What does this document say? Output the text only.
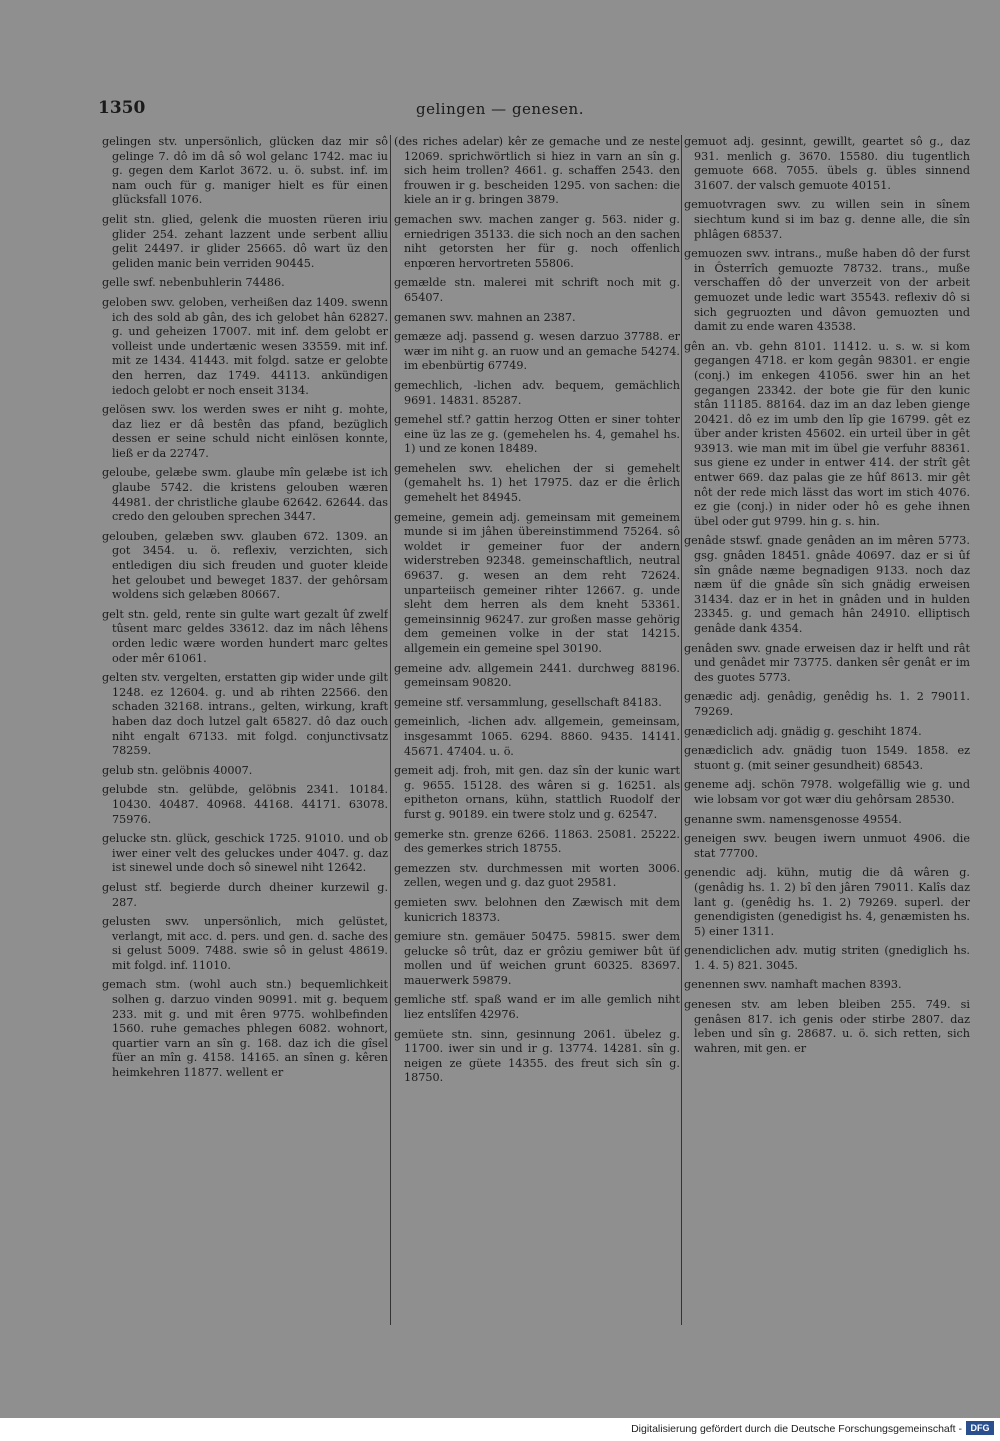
1350	gelingen — genesen.

gelingen stv. unpersönlich, glücken daz mir sô gelinge 7. dô im dâ sô wol gelanc 1742. mac iu g. gegen dem Karlot 3672. u. ö. subst. inf. im nam ouch für g. maniger hielt es für einen glücksfall 1076.

gelit stn. glied, gelenk die muosten rüeren iriu glider 254. zehant lazzent unde serbent alliu gelit 24497. ir glider 25665. dô wart üz den geliden manic bein verriden 90445.

gelle swf. nebenbuhlerin 74486.

geloben swv. geloben, verheißen daz 1409. swenn ich des sold ab gân, des ich gelobet hân 62827. g. und geheizen 17007. mit inf. dem gelobt er volleist unde undertænic wesen 33559. mit inf. mit ze 1434. 41443. mit folgd. satze er gelobte den herren, daz 1749. 44113. ankündigen iedoch gelobt er noch enseit 3134.

gelösen swv. los werden swes er niht g. mohte, daz liez er dâ bestên das pfand, bezüglich dessen er seine schuld nicht einlösen konnte, ließ er da 22747.

geloube, gelæbe swm. glaube mîn gelæbe ist ich glaube 5742. die kristens gelouben wæren 44981. der christliche glaube 62642. 62644. das credo den gelouben sprechen 3447.

gelouben, gelæben swv. glauben 672. 1309. an got 3454. u. ö. reflexiv, verzichten, sich entledigen diu sich freuden und guoter kleide het geloubet und beweget 1837. der gehôrsam woldens sich gelæben 80667.

gelt stn. geld, rente sin gulte wart gezalt ûf zwelf tûsent marc geldes 33612. daz im nâch lêhens orden ledic wære worden hundert marc geltes oder mêr 61061.

gelten stv. vergelten, erstatten gip wider unde gilt 1248. ez 12604. g. und ab rihten 22566. den schaden 32168. intrans., gelten, wirkung, kraft haben daz doch lutzel galt 65827. dô daz ouch niht engalt 67133. mit folgd. conjunctivsatz 78259.

gelub stn. gelöbnis 40007.

gelubde stn. gelübde, gelöbnis 2341. 10184. 10430. 40487. 40968. 44168. 44171. 63078. 75976.

gelucke stn. glück, geschick 1725. 91010. und ob iwer einer velt des geluckes under 4047. g. daz ist sinewel unde doch sô sinewel niht 12642.

gelust stf. begierde durch dheiner kurzewil g. 287.

gelusten swv. unpersönlich, mich gelüstet, verlangt, mit acc. d. pers. und gen. d. sache des si gelust 5009. 7488. swie sô in gelust 48619. mit folgd. inf. 11010.

gemach stm. (wohl auch stn.) bequemlichkeit solhen g. darzuo vinden 90991. mit g. bequem 233. mit g. und mit êren 9775. wohlbefinden 1560. ruhe gemaches phlegen 6082. wohnort, quartier varn an sîn g. 168. daz ich die gîsel füer an mîn g. 4158. 14165. an sînen g. kêren heimkehren 11877. wellent er

(des riches adelar) kêr ze gemache und ze neste 12069. sprichwörtlich si hiez in varn an sîn g. sich heim trollen? 4661. g. schaffen 2543. den frouwen ir g. bescheiden 1295. von sachen: die kiele an ir g. bringen 3879.

gemachen swv. machen zanger g. 563. nider g. erniedrigen 35133. die sich noch an den sachen niht getorsten her für g. noch offenlich enpœren hervortreten 55806.

gemælde stn. malerei mit schrift noch mit g. 65407.

gemanen swv. mahnen an 2387.

gemæze adj. passend g. wesen darzuo 37788. er wær im niht g. an ruow und an gemache 54274. im ebenbürtig 67749.

gemechlich, -lichen adv. bequem, gemächlich 9691. 14831. 85287.

gemehel stf.? gattin herzog Otten er siner tohter eine üz las ze g. (gemehelen hs. 4, gemahel hs. 1) und ze konen 18489.

gemehelen swv. ehelichen der si gemehelt (gemahelt hs. 1) het 17975. daz er die êrlich gemehelt het 84945.

gemeine, gemein adj. gemeinsam mit gemeinem munde si im jâhen übereinstimmend 75264. sô woldet ir gemeiner fuor der andern widerstreben 92348. gemeinschaftlich, neutral 69637. g. wesen an dem reht 72624. unparteiisch gemeiner rihter 12667. g. unde sleht dem herren als dem kneht 53361. gemeinsinnig 96247. zur großen masse gehörig dem gemeinen volke in der stat 14215. allgemein ein gemeine spel 30190.

gemeine adv. allgemein 2441. durchweg 88196. gemeinsam 90820.

gemeine stf. versammlung, gesellschaft 84183.

gemeinlich, -lichen adv. allgemein, gemeinsam, insgesammt 1065. 6294. 8860. 9435. 14141. 45671. 47404. u. ö.

gemeit adj. froh, mit gen. daz sîn der kunic wart g. 9655. 15128. des wâren si g. 16251. als epitheton ornans, kühn, stattlich Ruodolf der furst g. 90189. ein twere stolz und g. 62547.

gemerke stn. grenze 6266. 11863. 25081. 25222. des gemerkes strich 18755.

gemezzen stv. durchmessen mit worten 3006. zellen, wegen und g. daz guot 29581.

gemieten swv. belohnen den Zæwisch mit dem kunicrich 18373.

gemiure stn. gemäuer 50475. 59815. swer dem gelucke sô trût, daz er grôziu gemiwer bût üf mollen und üf weichen grunt 60325. 83697. mauerwerk 59879.

gemliche stf. spaß wand er im alle gemlich niht liez entslîfen 42976.

gemüete stn. sinn, gesinnung 2061. übelez g. 11700. iwer sin und ir g. 13774. 14281. sîn g. neigen ze güete 14355. des freut sich sîn g. 18750.

gemuot adj. gesinnt, gewillt, geartet sô g., daz 931. menlich g. 3670. 15580. diu tugentlich gemuote 668. 7055. übels g. übles sinnend 31607. der valsch gemuote 40151.

gemuotvragen swv. zu willen sein in sînem siechtum kund si im baz g. denne alle, die sîn phlâgen 68537.

gemuozen swv. intrans., muße haben dô der furst in Ôsterrîch gemuozte 78732. trans., muße verschaffen dô der unverzeit von der arbeit gemuozet unde ledic wart 35543. reflexiv dô si sich gegruozten und dâvon gemuozten und damit zu ende waren 43538.

gên an. vb. gehn 8101. 11412. u. s. w. si kom gegangen 4718. er kom gegân 98301. er engie (conj.) im enkegen 41056. swer hin an het gegangen 23342. der bote gie für den kunic stân 11185. 88164. daz im an daz leben gienge 20421. dô ez im umb den lîp gie 16799. gêt ez über ander kristen 45602. ein urteil über in gêt 93913. wie man mit im übel gie verfuhr 88361. sus giene ez under in entwer 414. der strît gêt entwer 669. daz palas gie ze hûf 8613. mir gêt nôt der rede mich lässt das wort im stich 4076. ez gie (conj.) in nider oder hô es gehe ihnen übel oder gut 9799. hin g. s. hin.

genâde stswf. gnade genâden an im mêren 5773. gsg. gnâden 18451. gnâde 40697. daz er si ûf sîn gnâde næme begnadigen 9133. noch daz næm üf die gnâde sîn sich gnädig erweisen 31434. daz er in het in gnâden und in hulden 23345. g. und gemach hân 24910. elliptisch genâde dank 4354.

genâden swv. gnade erweisen daz ir helft und rât und genâdet mir 73775. danken sêr genât er im des guotes 5773.

genædic adj. genâdig, genêdig hs. 1. 2 79011. 79269.

genædiclich adj. gnädig g. geschiht 1874.

genædiclich adv. gnädig tuon 1549. 1858. ez stuont g. (mit seiner gesundheit) 68543.

geneme adj. schön 7978. wolgefällig wie g. und wie lobsam vor got wær diu gehôrsam 28530.

genanne swm. namensgenosse 49554.

geneigen swv. beugen iwern unmuot 4906. die stat 77700.

genendic adj. kühn, mutig die dâ wâren g. (genâdig hs. 1. 2) bî den jâren 79011. Kalîs daz lant g. (genêdig hs. 1. 2) 79269. superl. der genendigisten (genedigist hs. 4, genæmisten hs. 5) einer 1311.

genendiclichen adv. mutig striten (gnediglich hs. 1. 4. 5) 821. 3045.

genennen swv. namhaft machen 8393.

genesen stv. am leben bleiben 255. 749. si genâsen 817. ich genis oder stirbe 2807. daz leben und sîn g. 28687. u. ö. sich retten, sich wahren, mit gen. er

Digitalisierung gefördert durch die Deutsche Forschungsgemeinschaft - DFG
